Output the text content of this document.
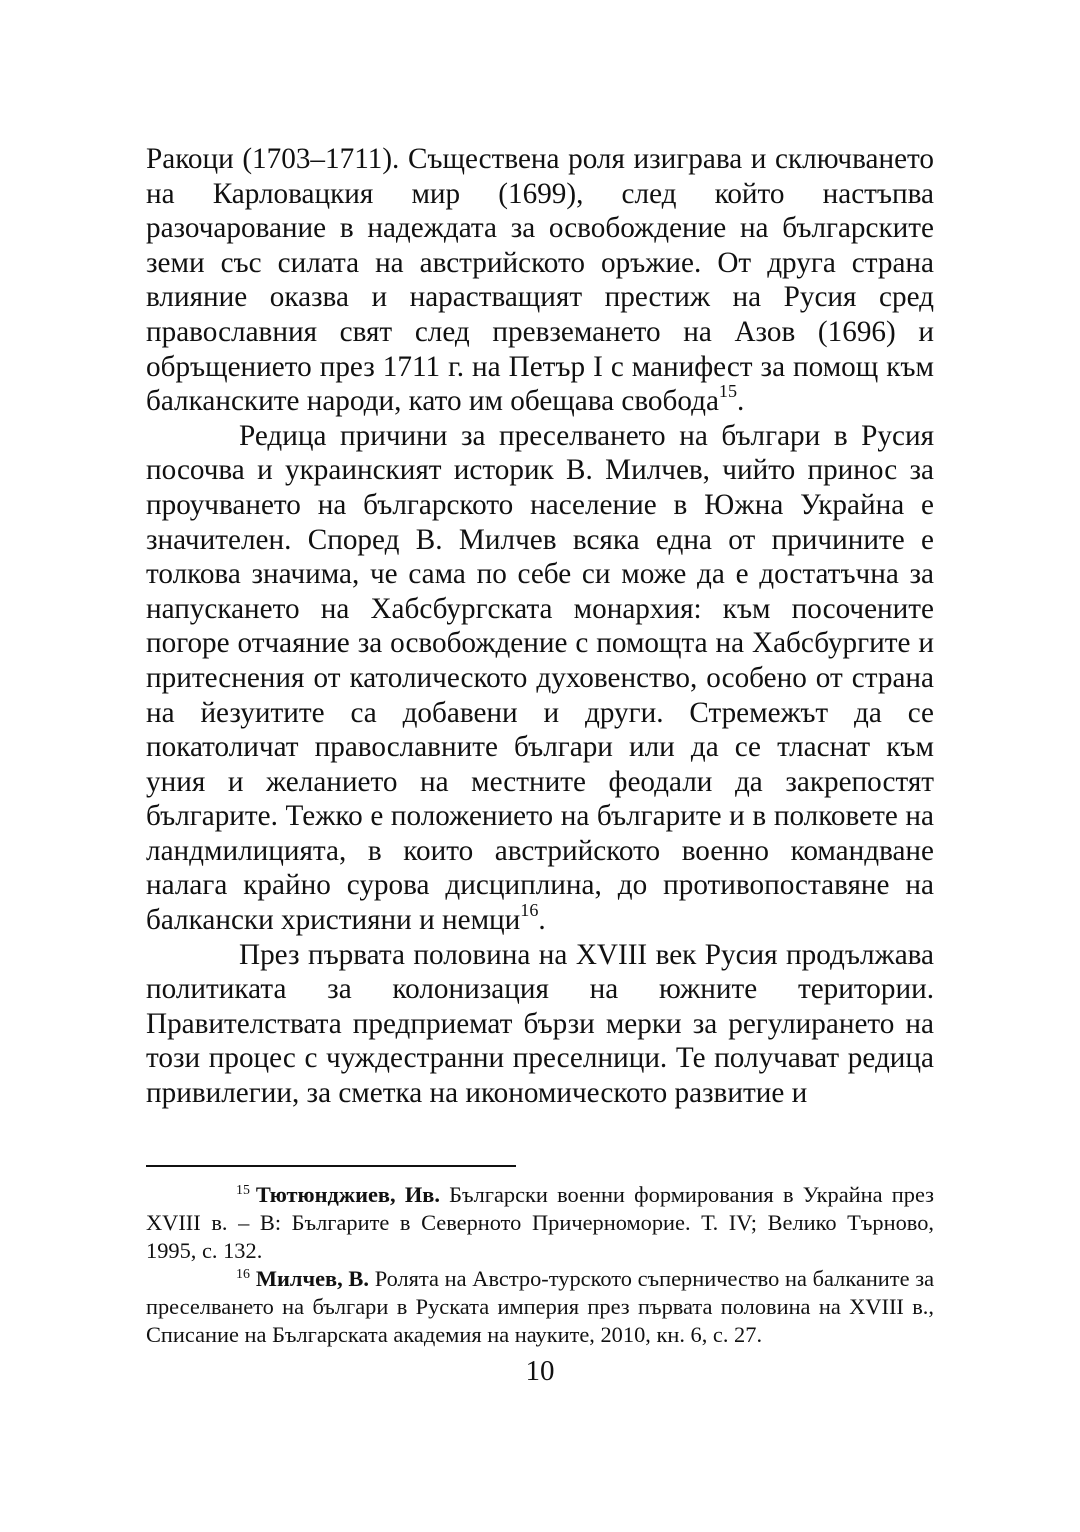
Ракоци (1703–1711). Съществена роля изиграва и сключването на Карловацкия мир (1699), след който настъпва разочарование в надеждата за освобождение на българските земи със силата на австрийското оръжие. От друга страна влияние оказва и нарастващият престиж на Русия сред православния свят след превземането на Азов (1696) и обръщението през 1711 г. на Петър I с манифест за помощ към балканските народи, като им обещава свобода$^{15}$.

Редица причини за преселването на българи в Русия посочва и украинският историк В. Милчев, чийто принос за проучването на българското население в Южна Украйна е значителен. Според В. Милчев всяка една от причините е толкова значима, че сама по себе си може да е достатъчна за напускането на Хабсбургската монархия: към посочените погоре отчаяние за освобождение с помощта на Хабсбургите и притеснения от католическото духовенство, особено от страна на йезуитите са добавени и други. Стремежът да се покатоличат православните българи или да се тласнат към уния и желанието на местните феодали да закрепостят българите. Тежко е положението на българите и в полковете на ландмилицията, в които австрийското военно командване налага крайно сурова дисциплина, до противопоставяне на балкански християни и немци$^{16}$.

През първата половина на XVIII век Русия продължава политиката за колонизация на южните територии. Правителствата предприемат бързи мерки за регулирането на този процес с чуждестранни преселници. Те получават редица привилегии, за сметка на икономическото развитие и

$^{15}$ Тютюнджиев, Ив. Български военни формирования в Украйна през XVIII в. – В: Българите в Северното Причерноморие. Т. IV; Велико Търново, 1995, с. 132.

$^{16}$ Милчев, В. Ролята на Австро-турското съперничество на балканите за преселването на българи в Руската империя през първата половина на XVIII в., Списание на Българската академия на науките, 2010, кн. 6, с. 27.

10
